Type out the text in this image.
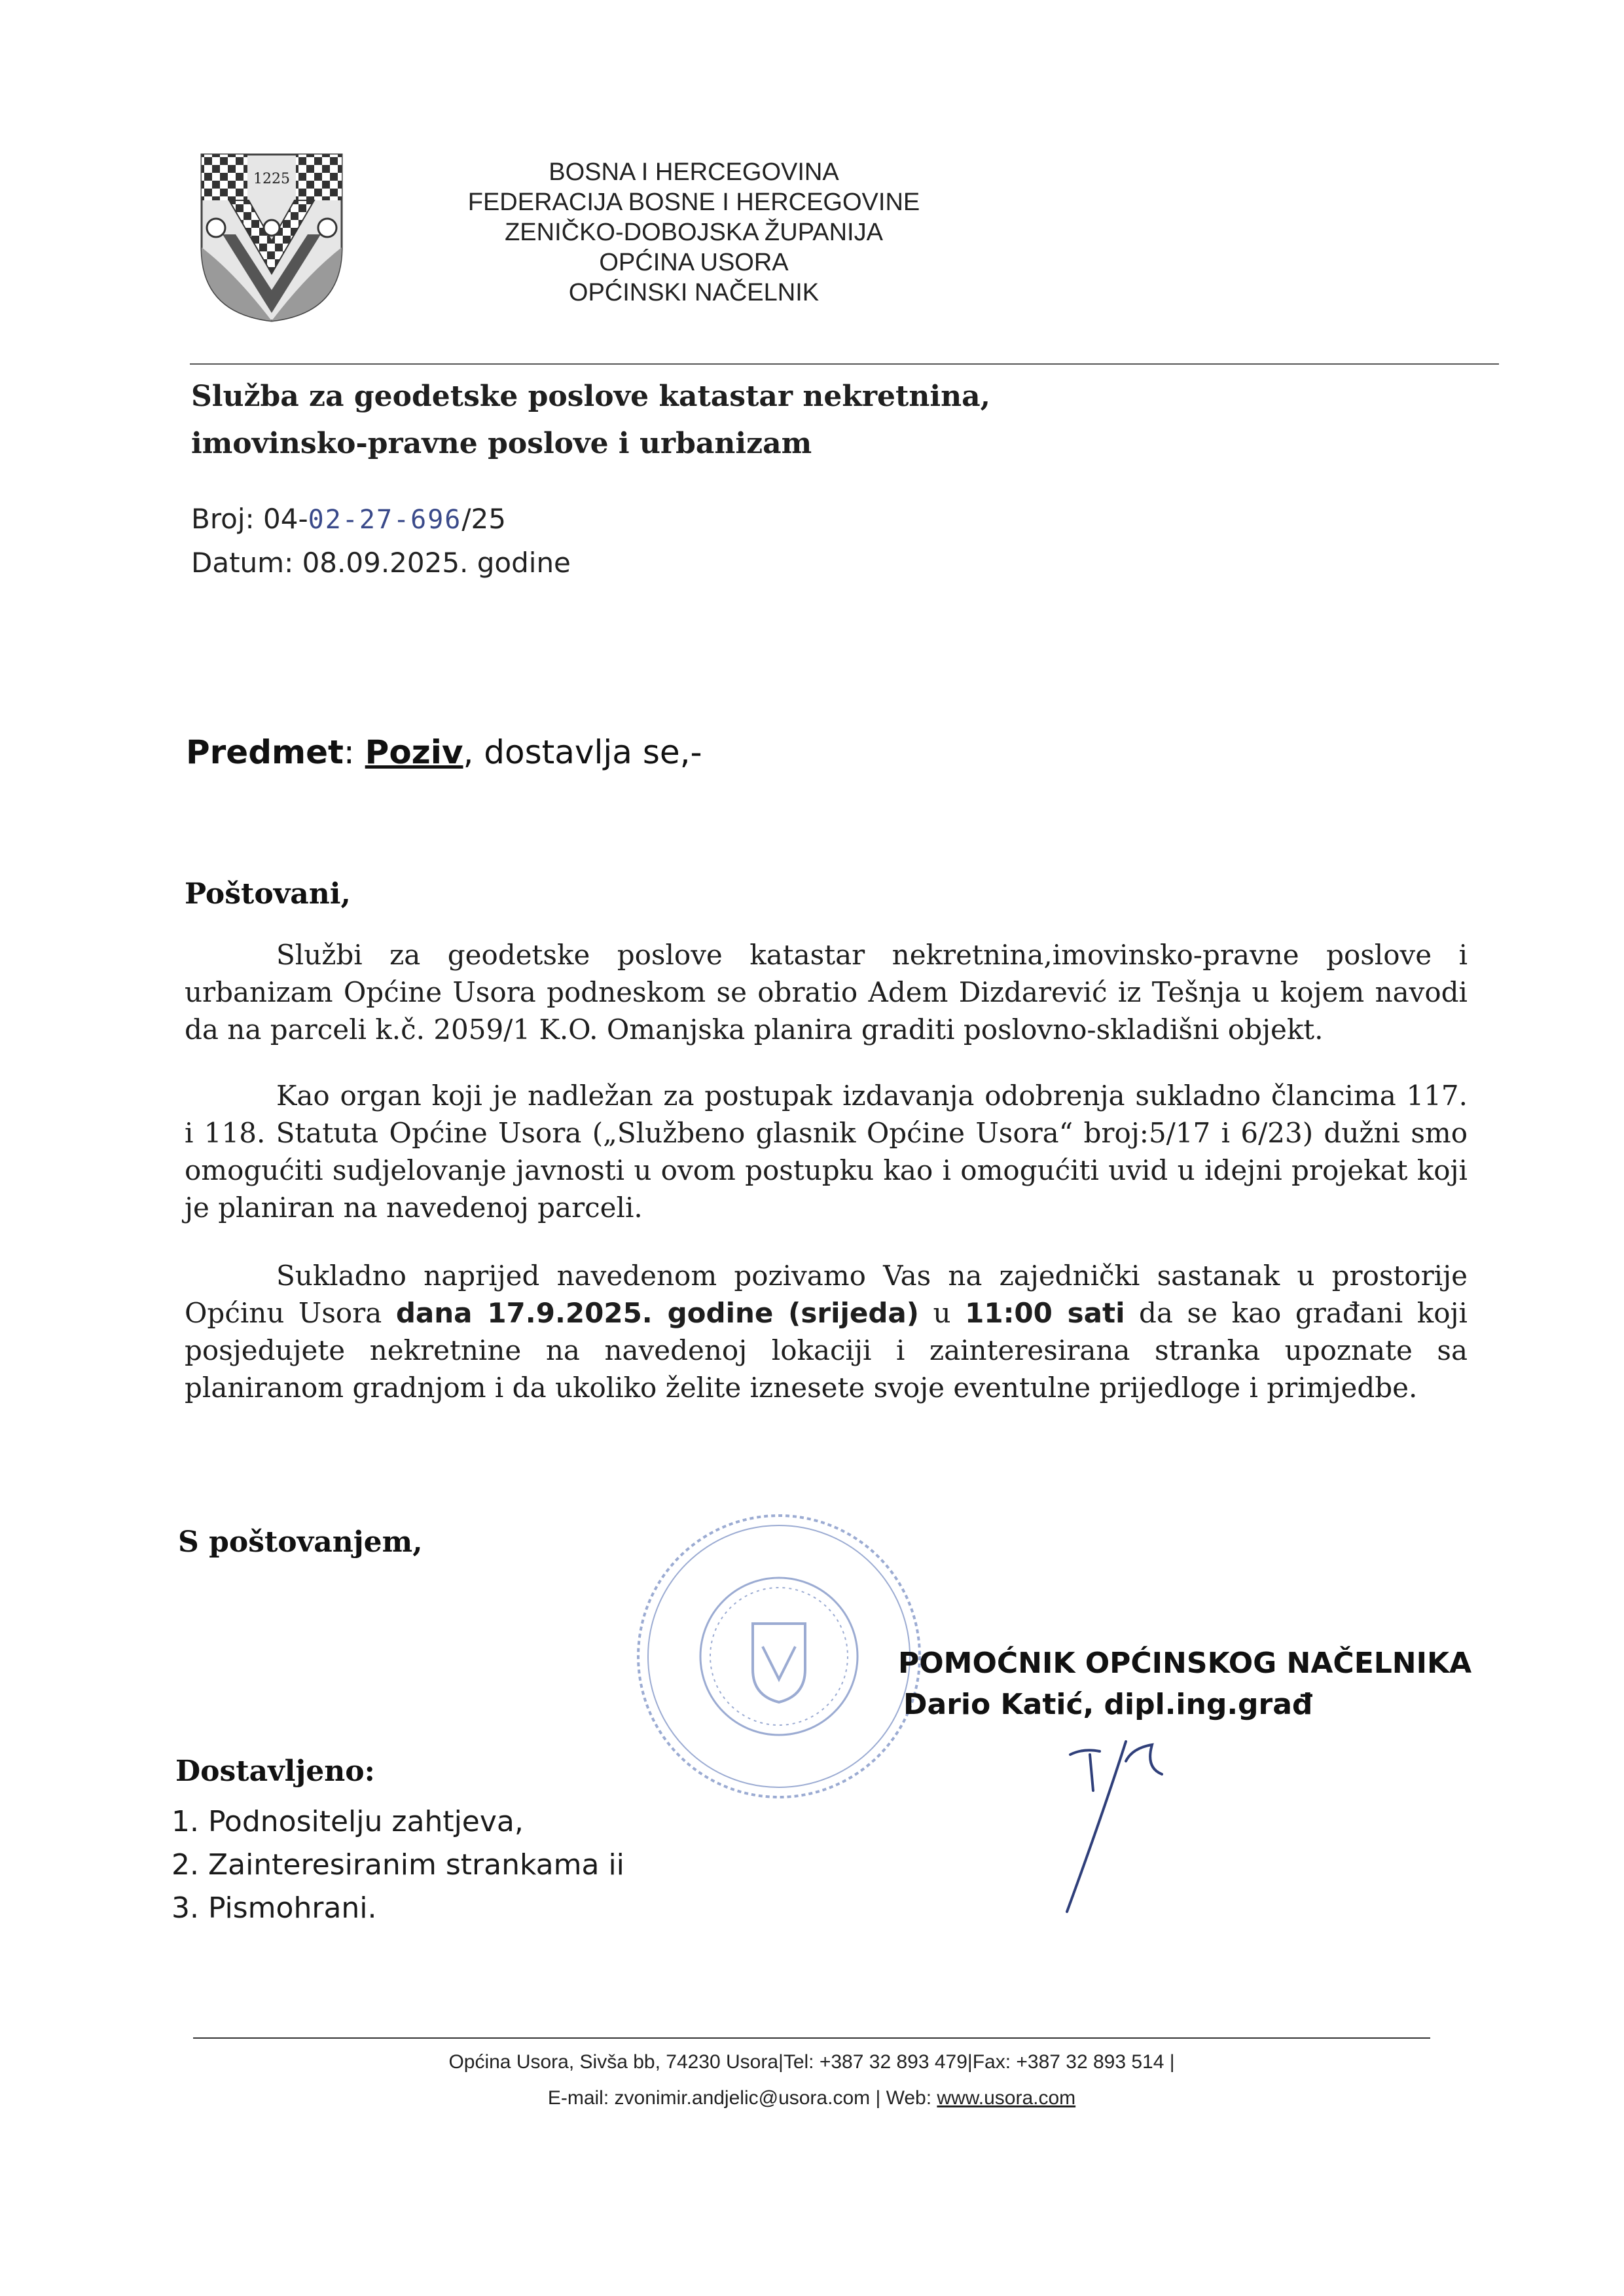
1225	BOSNA I HERCEGOVINA
FEDERACIJA BOSNE I HERCEGOVINE
ZENIČKO-DOBOJSKA ŽUPANIJA
OPĆINA USORA
OPĆINSKI NAČELNIK
Služba za geodetske poslove katastar nekretnina,
imovinsko-pravne poslove i urbanizam
Broj: 04-02-27-696/25
Datum: 08.09.2025. godine
Predmet: Poziv, dostavlja se,-
Poštovani,
Službi za geodetske poslove katastar nekretnina,imovinsko-pravne poslove i urbanizam Općine Usora podneskom se obratio Adem Dizdarević iz Tešnja u kojem navodi da na parceli k.č. 2059/1 K.O. Omanjska planira graditi poslovno-skladišni objekt.
Kao organ koji je nadležan za postupak izdavanja odobrenja sukladno člancima 117. i 118. Statuta Općine Usora („Službeno glasnik Općine Usora“ broj:5/17 i 6/23) dužni smo omogućiti sudjelovanje javnosti u ovom postupku kao i omogućiti uvid u idejni projekat koji je planiran na navedenoj parceli.
Sukladno naprijed navedenom pozivamo Vas na zajednički sastanak u prostorije Općinu Usora dana 17.9.2025. godine (srijeda) u 11:00 sati da se kao građani koji posjedujete nekretnine na navedenoj lokaciji i zainteresirana stranka upoznate sa planiranom gradnjom i da ukoliko želite iznesete svoje eventulne prijedloge i primjedbe.
S poštovanjem,
POMOĆNIK OPĆINSKOG NAČELNIKA
Dario Katić, dipl.ing.građ
Dostavljeno:
1. Podnositelju zahtjeva,
2. Zainteresiranim strankama ii
3. Pismohrani.
Općina Usora, Sivša bb, 74230 Usora|Tel: +387 32 893 479|Fax: +387 32 893 514 |
E-mail: zvonimir.andjelic@usora.com | Web: www.usora.com
